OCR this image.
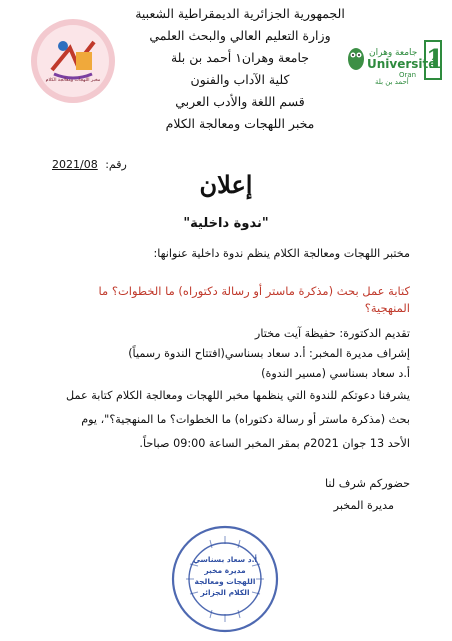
الجمهورية الجزائرية الديمقراطية الشعبية
وزارة التعليم العالي والبحث العلمي
جامعة وهران١ أحمد بن بلة
كلية الآداب والفنون
قسم اللغة والأدب العربي
مخبر اللهجات ومعالجة الكلام
مخبر اللهجات ومعالجة الكلام
جامعة وهران
Université
Oran
أحمد بن بلة
1
رقم: 2021/08
إعلان
"ندوة داخلية"
مختبر اللهجات ومعالجة الكلام ينظم ندوة داخلية عنوانها:
كتابة عمل بحث (مذكرة ماستر أو رسالة دكتوراه) ما الخطوات؟ ما
المنهجية؟
تقديم الدكتورة: حفيظة آيت مختار
إشراف مديرة المخبر: أ.د سعاد بسناسي(افتتاح الندوة رسمياً)
أ.د سعاد بسناسي (مسير الندوة)
يشرفنا دعوتكم للندوة التي ينظمها مخبر اللهجات ومعالجة الكلام كتابة عمل
بحث (مذكرة ماستر أو رسالة دكتوراه) ما الخطوات؟ ما المنهجية؟"، يوم
الأحد 13 جوان 2021م بمقر المخبر الساعة 09:00 صباحاً.
حضوركم شرف لنا
مديرة المخبر
أ.د سعاد بسناسي
مديرة مخبر
اللهجات ومعالجة
الكلام الجزائر
